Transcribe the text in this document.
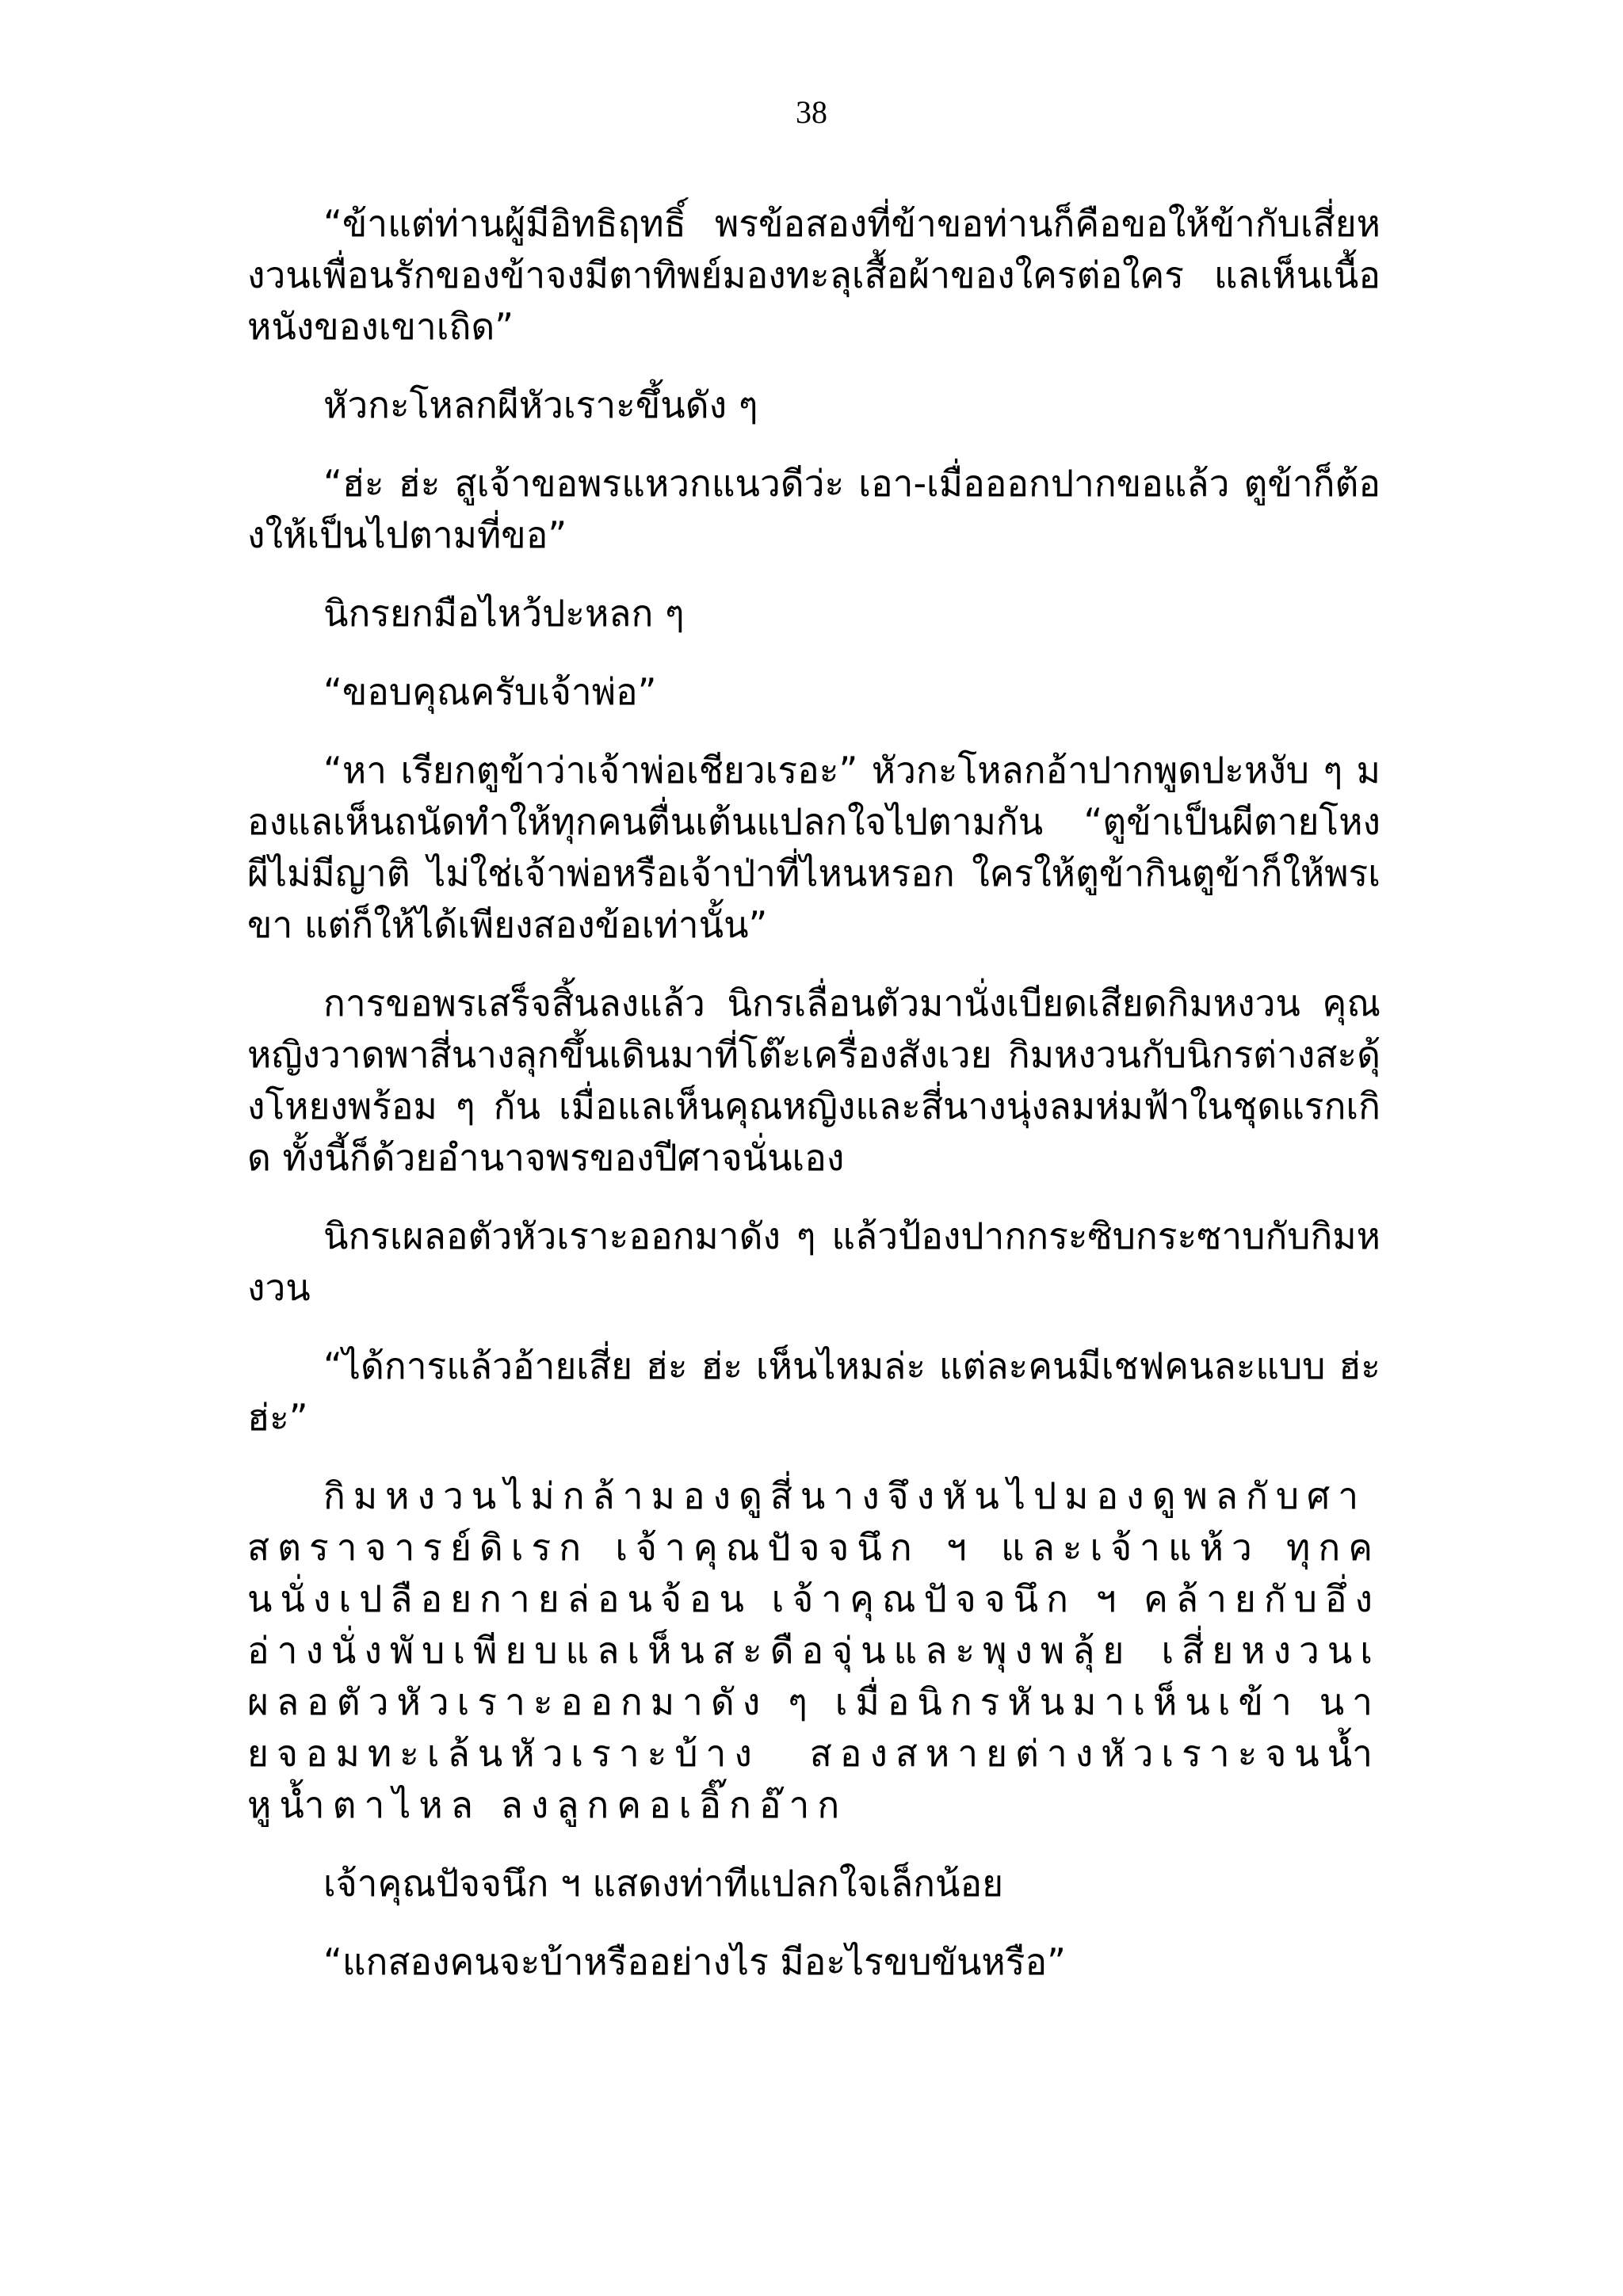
38

“ข้าแต่ท่านผู้มีอิทธิฤทธิ์ พรข้อสองที่ข้าขอท่านก็คือขอให้ข้ากับเสี่ยหงวนเพื่อนรักของข้าจงมีตาทิพย์มองทะลุเสื้อผ้าของใครต่อใคร แลเห็นเนื้อหนังของเขาเถิด”

หัวกะโหลกผีหัวเราะขึ้นดัง ๆ

“ฮ่ะ ฮ่ะ สูเจ้าขอพรแหวกแนวดีว่ะ เอา-เมื่อออกปากขอแล้ว ตูข้าก็ต้องให้เป็นไปตามที่ขอ”

นิกรยกมือไหว้ปะหลก ๆ

“ขอบคุณครับเจ้าพ่อ”

“หา เรียกตูข้าว่าเจ้าพ่อเชียวเรอะ” หัวกะโหลกอ้าปากพูดปะหงับ ๆ มองแลเห็นถนัดทำให้ทุกคนตื่นเต้นแปลกใจไปตามกัน “ตูข้าเป็นผีตายโหง ผีไม่มีญาติ ไม่ใช่เจ้าพ่อหรือเจ้าป่าที่ไหนหรอก ใครให้ตูข้ากินตูข้าก็ให้พรเขา แต่ก็ให้ได้เพียงสองข้อเท่านั้น”

การขอพรเสร็จสิ้นลงแล้ว นิกรเลื่อนตัวมานั่งเบียดเสียดกิมหงวน คุณหญิงวาดพาสี่นางลุกขึ้นเดินมาที่โต๊ะเครื่องสังเวย กิมหงวนกับนิกรต่างสะดุ้งโหยงพร้อม ๆ กัน เมื่อแลเห็นคุณหญิงและสี่นางนุ่งลมห่มฟ้าในชุดแรกเกิด ทั้งนี้ก็ด้วยอำนาจพรของปีศาจนั่นเอง

นิกรเผลอตัวหัวเราะออกมาดัง ๆ แล้วป้องปากกระซิบกระซาบกับกิมหงวน

“ได้การแล้วอ้ายเสี่ย ฮ่ะ ฮ่ะ เห็นไหมล่ะ แต่ละคนมีเชฟคนละแบบ ฮ่ะ ฮ่ะ”

กิมหงวนไม่กล้ามองดูสี่นางจึงหันไปมองดูพลกับศาสตราจารย์ดิเรก เจ้าคุณปัจจนึก ฯ และเจ้าแห้ว ทุกคนนั่งเปลือยกายล่อนจ้อน เจ้าคุณปัจจนึก ฯ คล้ายกับอึ่งอ่างนั่งพับเพียบแลเห็นสะดือจุ่นและพุงพลุ้ย เสี่ยหงวนเผลอตัวหัวเราะออกมาดัง ๆ เมื่อนิกรหันมาเห็นเข้า นายจอมทะเล้นหัวเราะบ้าง สองสหายต่างหัวเราะจนน้ำหูน้ำตาไหล ลงลูกคอเอิ๊กอ๊าก

เจ้าคุณปัจจนึก ฯ แสดงท่าทีแปลกใจเล็กน้อย

“แกสองคนจะบ้าหรืออย่างไร มีอะไรขบขันหรือ”
